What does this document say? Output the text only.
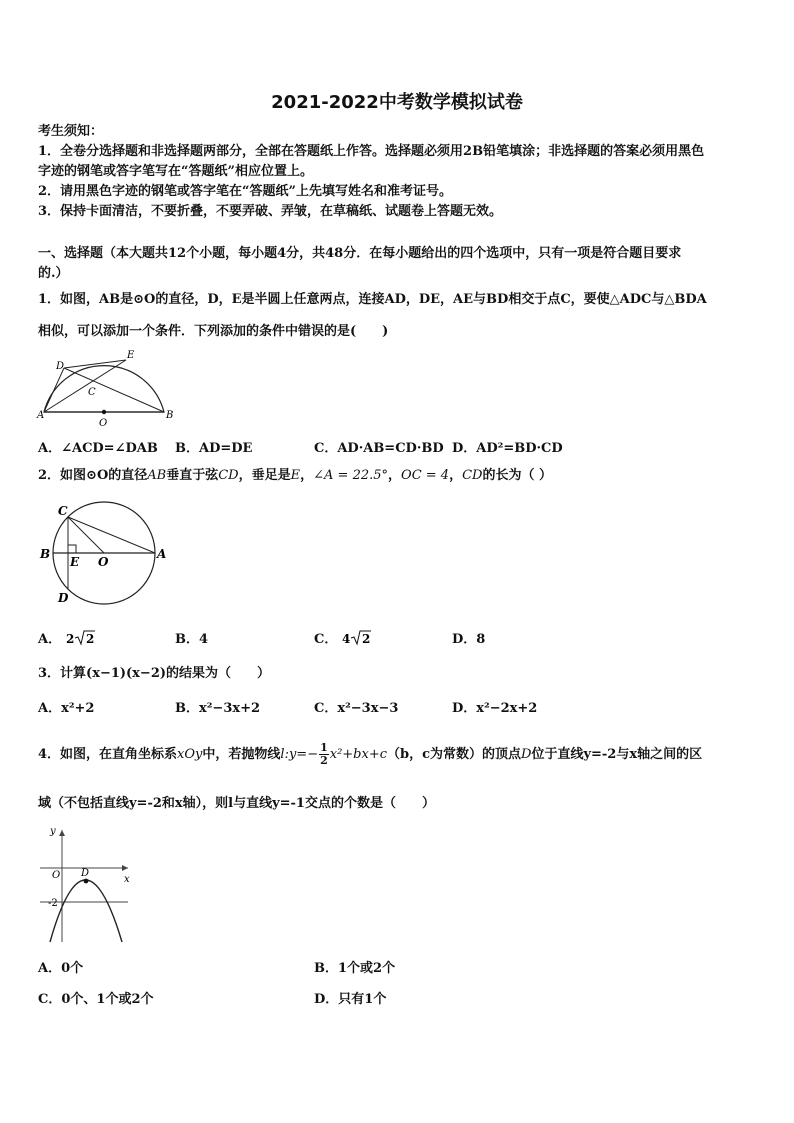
2021-2022中考数学模拟试卷
考生须知：
1．全卷分选择题和非选择题两部分，全部在答题纸上作答。选择题必须用2B铅笔填涂；非选择题的答案必须用黑色
字迹的钢笔或答字笔写在“答题纸”相应位置上。
2．请用黑色字迹的钢笔或答字笔在“答题纸”上先填写姓名和准考证号。
3．保持卡面清洁，不要折叠，不要弄破、弄皱，在草稿纸、试题卷上答题无效。
一、选择题（本大题共12个小题，每小题4分，共48分．在每小题给出的四个选项中，只有一项是符合题目要求
的.）
1．如图，AB是⊙O的直径，D，E是半圆上任意两点，连接AD，DE，AE与BD相交于点C，要使△ADC与△BDA
相似，可以添加一个条件．下列添加的条件中错误的是(　　)
D
E
C
A
O
B
A．∠ACD=∠DAB B．AD=DE	C．AD·AB=CD·BD D．AD²=BD·CD
2．如图⊙O的直径AB垂直于弦CD，垂足是E，∠A = 22.5°，OC = 4，CD的长为（ ）
C
B
E O
A
D
A． 2 2	B．4	C． 4 2	D．8
3．计算(x−1)(x−2)的结果为（　　）
A．x²+2	B．x²−3x+2	C．x²−3x−3	D．x²−2x+2
4．如图，在直角坐标系xOy中，若抛物线l:y=− $\frac{1}{2} x^2+bx+c(b$，c为常数）的顶点D位于直线y=-2与x轴之间的区
域（不包括直线y=-2和x轴），则l与直线y=-1交点的个数是（　　）
y
O D
x
-2
A．0个	B．1个或2个
C．0个、1个或2个	D．只有1个
